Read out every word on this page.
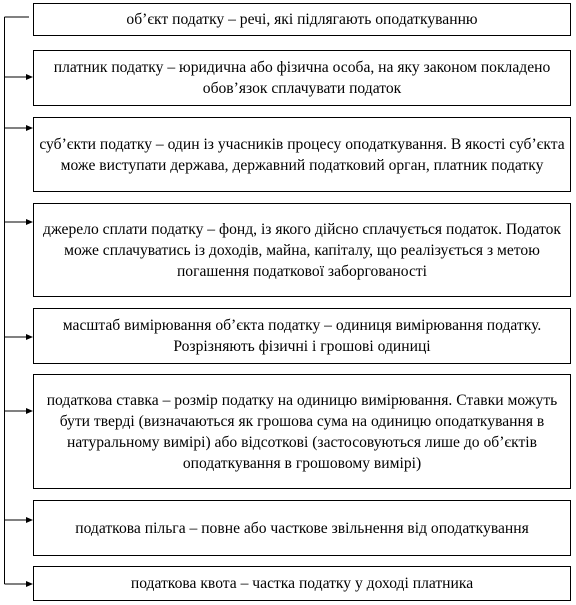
об’єкт податку – речі, які підлягають оподаткуванню
платник податку – юридична або фізична особа, на яку законом покладено обов’язок сплачувати податок
суб’єкти податку – один із учасників процесу оподаткування. В якості суб’єкта може виступати держава, державний податковий орган, платник податку
джерело сплати податку – фонд, із якого дійсно сплачується податок. Податок може сплачуватись із доходів, майна, капіталу, що реалізується з метою погашення податкової заборгованості
масштаб вимірювання об’єкта податку – одиниця вимірювання податку. Розрізняють фізичні і грошові одиниці
податкова ставка – розмір податку на одиницю вимірювання. Ставки можуть бути тверді (визначаються як грошова сума на одиницю оподаткування в натуральному вимірі) або відсоткові (застосовуються лише до об’єктів оподаткування в грошовому вимірі)
податкова пільга – повне або часткове звільнення від оподаткування
податкова квота – частка податку у доході платника
